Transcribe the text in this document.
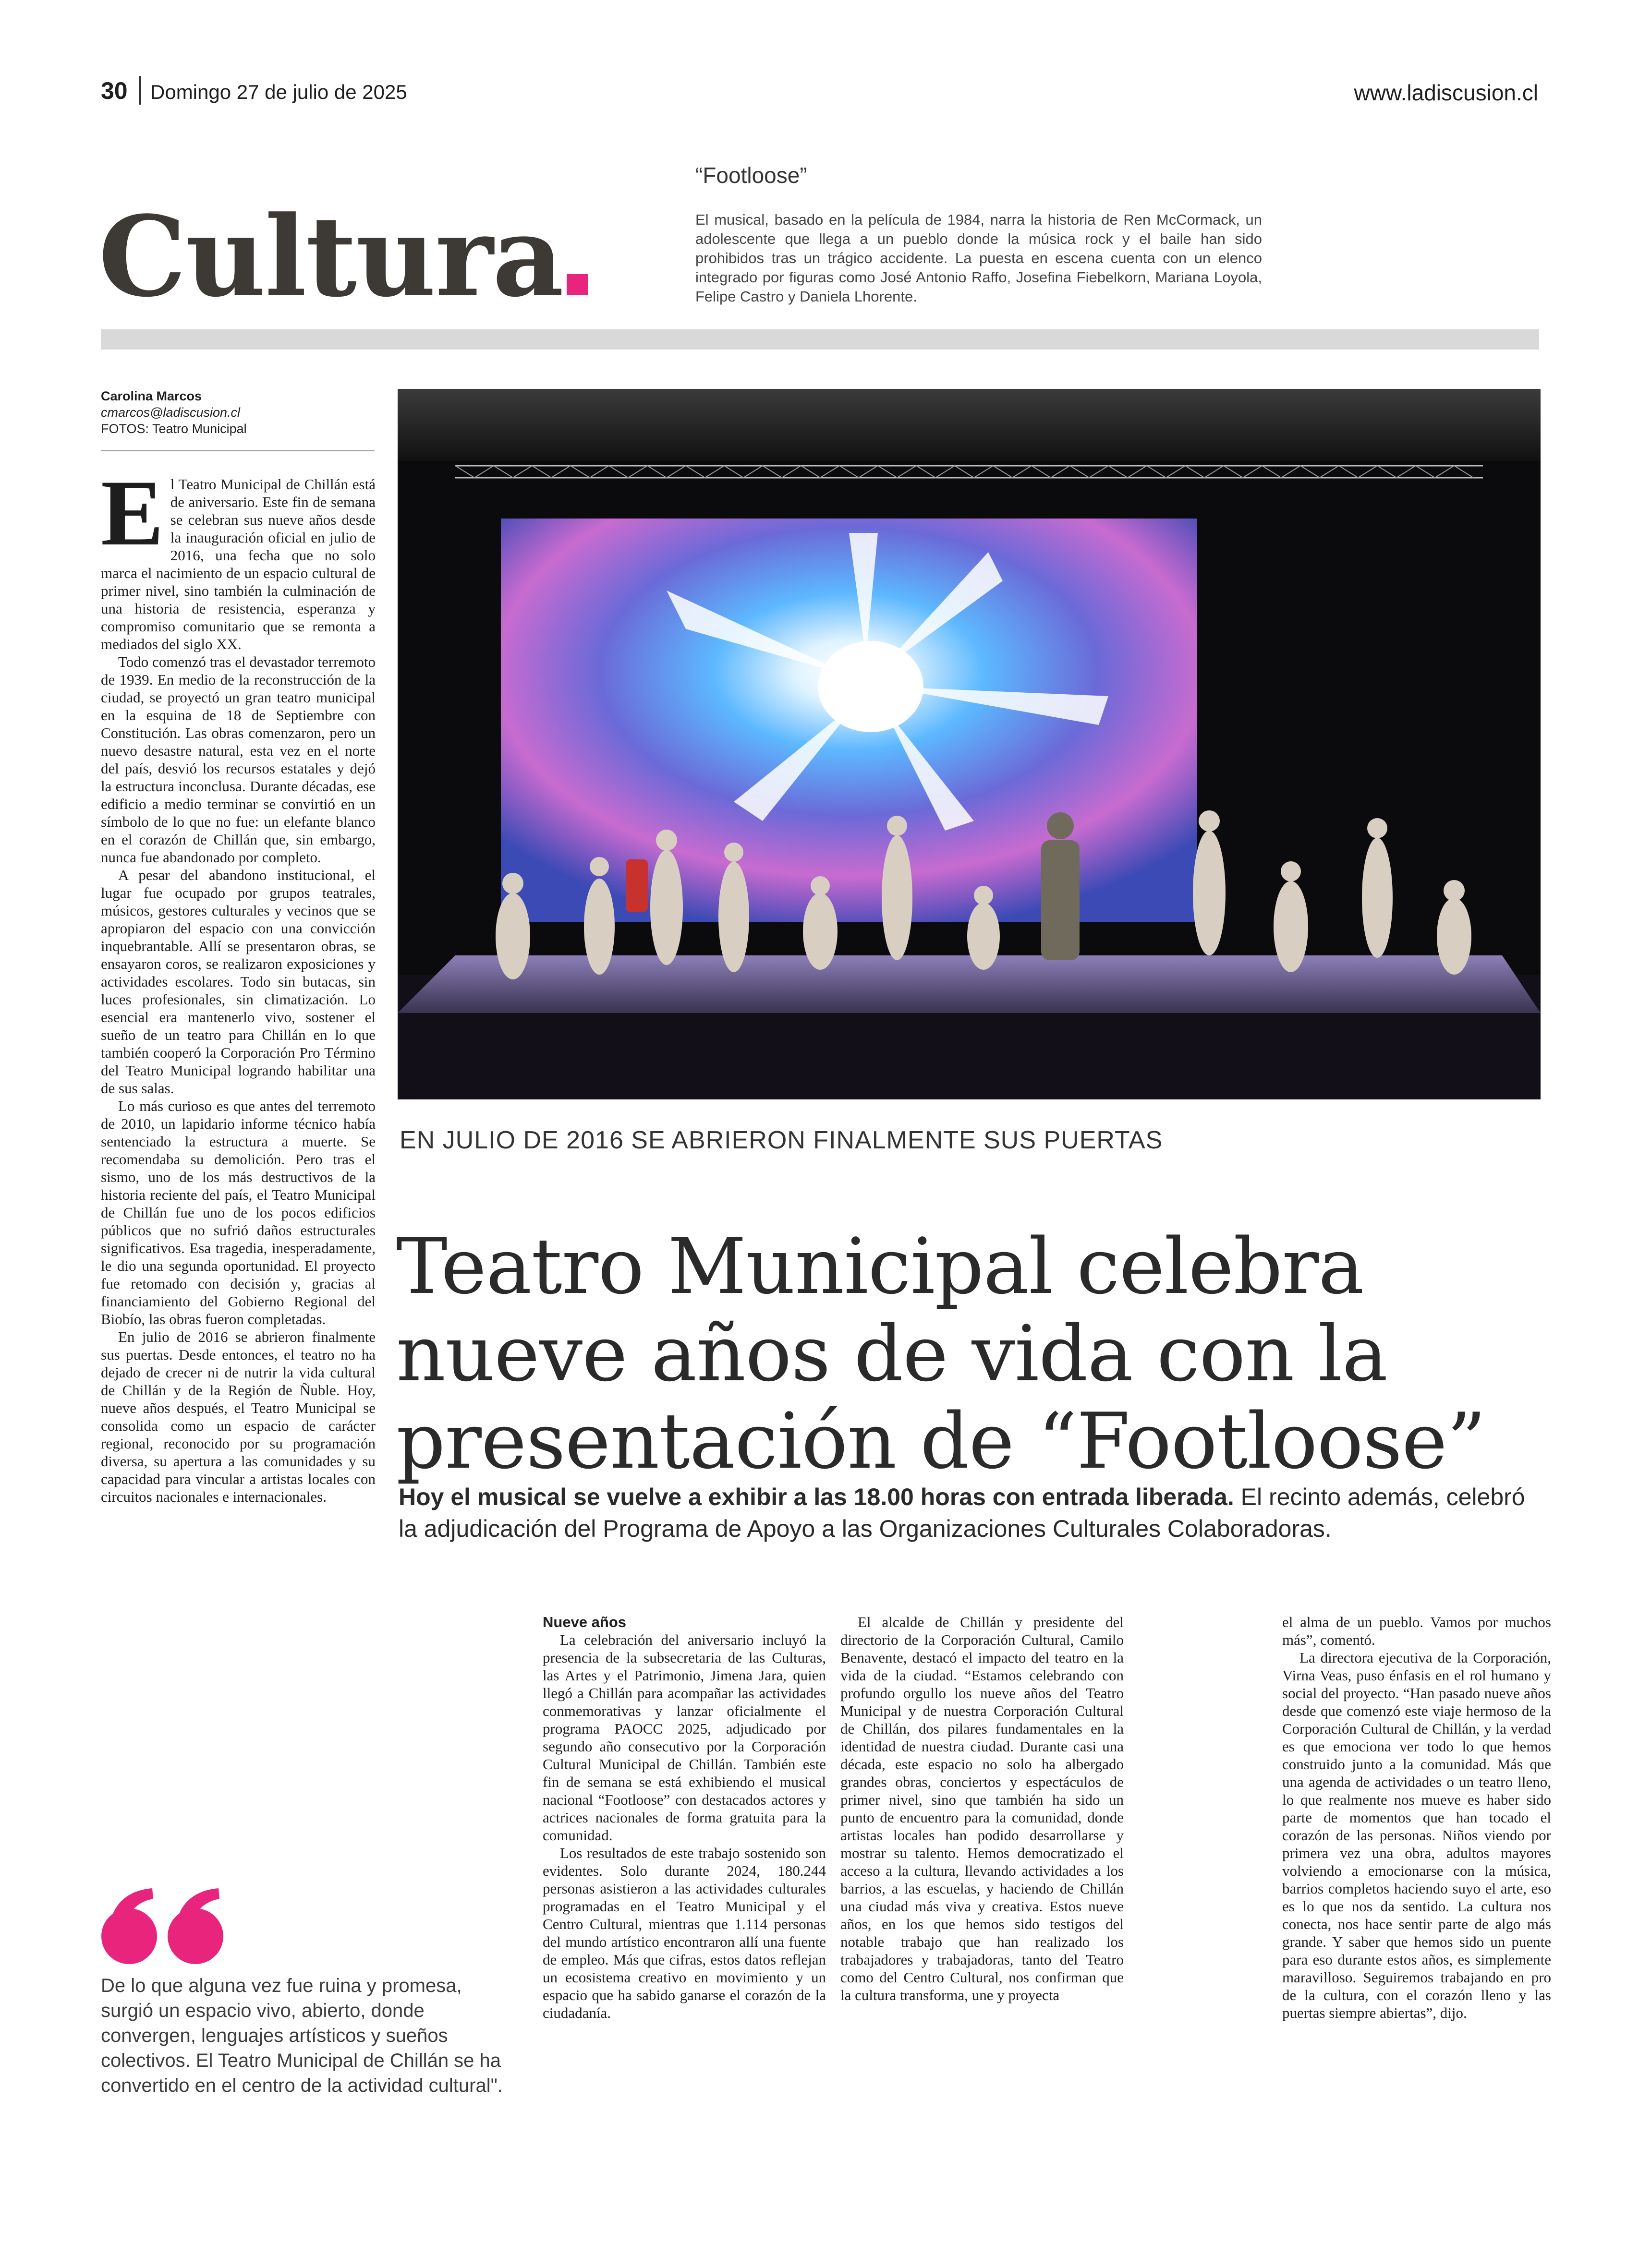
30 Domingo 27 de julio de 2025	www.ladiscusion.cl
Cultura
“Footloose”
El musical, basado en la película de 1984, narra la historia de Ren McCormack, un adolescente que llega a un pueblo donde la música rock y el baile han sido prohibidos tras un trágico accidente. La puesta en escena cuenta con un elenco integrado por figuras como José Antonio Raffo, Josefina Fiebelkorn, Mariana Loyola, Felipe Castro y Daniela Lhorente.
Carolina Marcos
cmarcos@ladiscusion.cl
FOTOS: Teatro Municipal

El Teatro Municipal de Chillán está de aniversario. Este fin de semana se celebran sus nueve años desde la inauguración oficial en julio de 2016, una fecha que no solo marca el nacimiento de un espacio cultural de primer nivel, sino también la culminación de una historia de resistencia, esperanza y compromiso comunitario que se remonta a mediados del siglo XX.

Todo comenzó tras el devastador terremoto de 1939. En medio de la reconstrucción de la ciudad, se proyectó un gran teatro municipal en la esquina de 18 de Septiembre con Constitución. Las obras comenzaron, pero un nuevo desastre natural, esta vez en el norte del país, desvió los recursos estatales y dejó la estructura inconclusa. Durante décadas, ese edificio a medio terminar se convirtió en un símbolo de lo que no fue: un elefante blanco en el corazón de Chillán que, sin embargo, nunca fue abandonado por completo.

A pesar del abandono institucional, el lugar fue ocupado por grupos teatrales, músicos, gestores culturales y vecinos que se apropiaron del espacio con una convicción inquebrantable. Allí se presentaron obras, se ensayaron coros, se realizaron exposiciones y actividades escolares. Todo sin butacas, sin luces profesionales, sin climatización. Lo esencial era mantenerlo vivo, sostener el sueño de un teatro para Chillán en lo que también cooperó la Corporación Pro Término del Teatro Municipal logrando habilitar una de sus salas.

Lo más curioso es que antes del terremoto de 2010, un lapidario informe técnico había sentenciado la estructura a muerte. Se recomendaba su demolición. Pero tras el sismo, uno de los más destructivos de la historia reciente del país, el Teatro Municipal de Chillán fue uno de los pocos edificios públicos que no sufrió daños estructurales significativos. Esa tragedia, inesperadamente, le dio una segunda oportunidad. El proyecto fue retomado con decisión y, gracias al financiamiento del Gobierno Regional del Biobío, las obras fueron completadas.

En julio de 2016 se abrieron finalmente sus puertas. Desde entonces, el teatro no ha dejado de crecer ni de nutrir la vida cultural de Chillán y de la Región de Ñuble. Hoy, nueve años después, el Teatro Municipal se consolida como un espacio de carácter regional, reconocido por su programación diversa, su apertura a las comunidades y su capacidad para vincular a artistas locales con circuitos nacionales e internacionales.

De lo que alguna vez fue ruina y promesa, surgió un espacio vivo, abierto, donde convergen, lenguajes artísticos y sueños colectivos. El Teatro Municipal de Chillán se ha convertido en el centro de la actividad cultural".
EN JULIO DE 2016 SE ABRIERON FINALMENTE SUS PUERTAS
Teatro Municipal celebra nueve años de vida con la presentación de “Footloose”
Hoy el musical se vuelve a exhibir a las 18.00 horas con entrada liberada. El recinto además, celebró la adjudicación del Programa de Apoyo a las Organizaciones Culturales Colaboradoras.
Nueve años

La celebración del aniversario incluyó la presencia de la subsecretaria de las Culturas, las Artes y el Patrimonio, Jimena Jara, quien llegó a Chillán para acompañar las actividades conmemorativas y lanzar oficialmente el programa PAOCC 2025, adjudicado por segundo año consecutivo por la Corporación Cultural Municipal de Chillán. También este fin de semana se está exhibiendo el musical nacional “Footloose” con destacados actores y actrices nacionales de forma gratuita para la comunidad.

Los resultados de este trabajo sostenido son evidentes. Solo durante 2024, 180.244 personas asistieron a las actividades culturales programadas en el Teatro Municipal y el Centro Cultural, mientras que 1.114 personas del mundo artístico encontraron allí una fuente de empleo. Más que cifras, estos datos reflejan un ecosistema creativo en movimiento y un espacio que ha sabido ganarse el corazón de la ciudadanía.

El alcalde de Chillán y presidente del directorio de la Corporación Cultural, Camilo Benavente, destacó el impacto del teatro en la vida de la ciudad. “Estamos celebrando con profundo orgullo los nueve años del Teatro Municipal y de nuestra Corporación Cultural de Chillán, dos pilares fundamentales en la identidad de nuestra ciudad. Durante casi una década, este espacio no solo ha albergado grandes obras, conciertos y espectáculos de primer nivel, sino que también ha sido un punto de encuentro para la comunidad, donde artistas locales han podido desarrollarse y mostrar su talento. Hemos democratizado el acceso a la cultura, llevando actividades a los barrios, a las escuelas, y haciendo de Chillán una ciudad más viva y creativa. Estos nueve años, en los que hemos sido testigos del notable trabajo que han realizado los trabajadores y trabajadoras, tanto del Teatro como del Centro Cultural, nos confirman que la cultura transforma, une y proyecta

el alma de un pueblo. Vamos por muchos más”, comentó.

La directora ejecutiva de la Corporación, Virna Veas, puso énfasis en el rol humano y social del proyecto. “Han pasado nueve años desde que comenzó este viaje hermoso de la Corporación Cultural de Chillán, y la verdad es que emociona ver todo lo que hemos construido junto a la comunidad. Más que una agenda de actividades o un teatro lleno, lo que realmente nos mueve es haber sido parte de momentos que han tocado el corazón de las personas. Niños viendo por primera vez una obra, adultos mayores volviendo a emocionarse con la música, barrios completos haciendo suyo el arte, eso es lo que nos da sentido. La cultura nos conecta, nos hace sentir parte de algo más grande. Y saber que hemos sido un puente para eso durante estos años, es simplemente maravilloso. Seguiremos trabajando en pro de la cultura, con el corazón lleno y las puertas siempre abiertas”, dijo.
